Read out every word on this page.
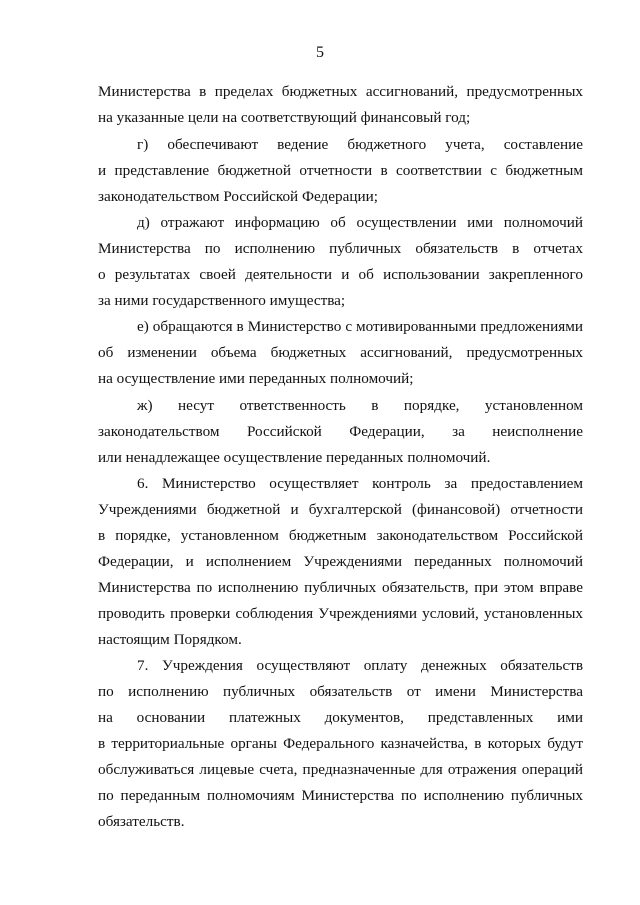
5
Министерства в пределах бюджетных ассигнований, предусмотренных
на указанные цели на соответствующий финансовый год;
г) обеспечивают ведение бюджетного учета, составление
и представление бюджетной отчетности в соответствии с бюджетным
законодательством Российской Федерации;
д) отражают информацию об осуществлении ими полномочий
Министерства по исполнению публичных обязательств в отчетах
о результатах своей деятельности и об использовании закрепленного
за ними государственного имущества;
е) обращаются в Министерство с мотивированными предложениями
об изменении объема бюджетных ассигнований, предусмотренных
на осуществление ими переданных полномочий;
ж) несут ответственность в порядке, установленном
законодательством Российской Федерации, за неисполнение
или ненадлежащее осуществление переданных полномочий.
6. Министерство осуществляет контроль за предоставлением
Учреждениями бюджетной и бухгалтерской (финансовой) отчетности
в порядке, установленном бюджетным законодательством Российской
Федерации, и исполнением Учреждениями переданных полномочий
Министерства по исполнению публичных обязательств, при этом вправе
проводить проверки соблюдения Учреждениями условий, установленных
настоящим Порядком.
7. Учреждения осуществляют оплату денежных обязательств
по исполнению публичных обязательств от имени Министерства
на основании платежных документов, представленных ими
в территориальные органы Федерального казначейства, в которых будут
обслуживаться лицевые счета, предназначенные для отражения операций
по переданным полномочиям Министерства по исполнению публичных
обязательств.
